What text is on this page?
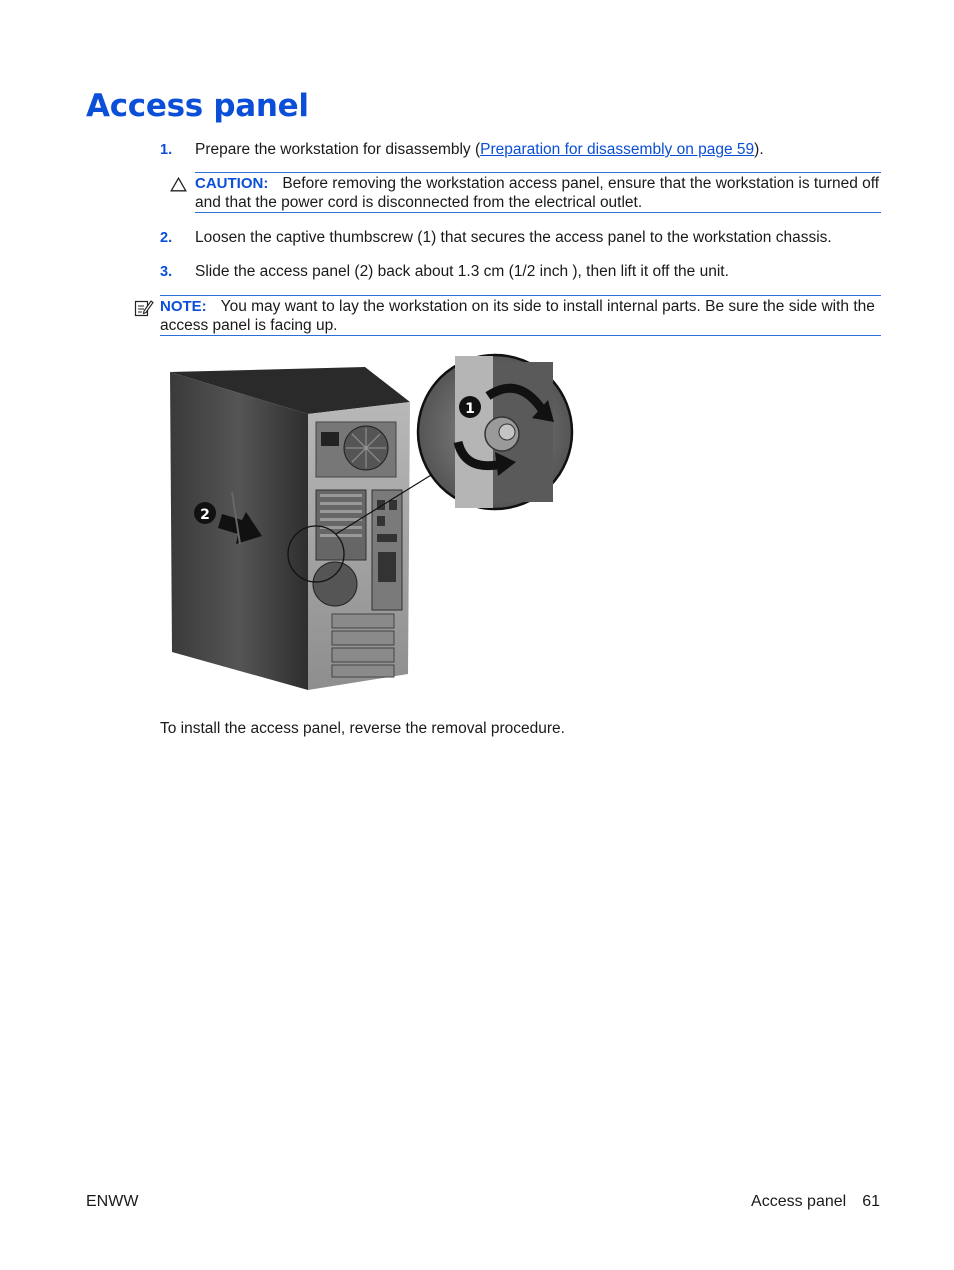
Access panel
1. Prepare the workstation for disassembly (Preparation for disassembly on page 59).
CAUTION: Before removing the workstation access panel, ensure that the workstation is turned off and that the power cord is disconnected from the electrical outlet.
2. Loosen the captive thumbscrew (1) that secures the access panel to the workstation chassis.
3. Slide the access panel (2) back about 1.3 cm (1/2 inch ), then lift it off the unit.
NOTE: You may want to lay the workstation on its side to install internal parts. Be sure the side with the access panel is facing up.
1
2

To install the access panel, reverse the removal procedure.

ENWW	Access panel 61
